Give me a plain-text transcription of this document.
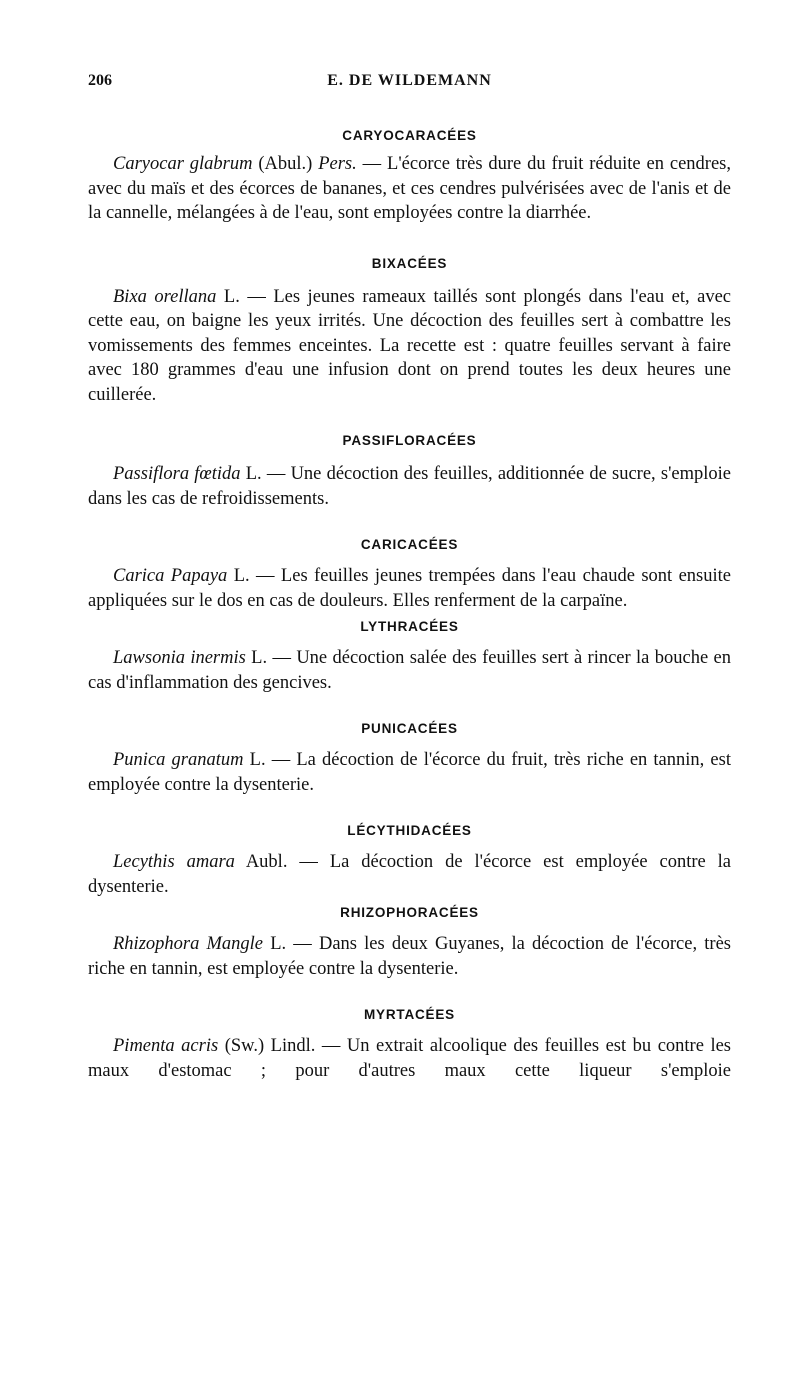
206	E. DE WILDEMANN
CARYOCARACÉES

Caryocar glabrum (Abul.) Pers. — L'écorce très dure du fruit réduite en cendres, avec du maïs et des écorces de bananes, et ces cendres pulvérisées avec de l'anis et de la cannelle, mélangées à de l'eau, sont employées contre la diarrhée.

BIXACÉES

Bixa orellana L. — Les jeunes rameaux taillés sont plongés dans l'eau et, avec cette eau, on baigne les yeux irrités. Une décoction des feuilles sert à combattre les vomissements des femmes enceintes. La recette est : quatre feuilles servant à faire avec 180 grammes d'eau une infusion dont on prend toutes les deux heures une cuillerée.

PASSIFLORACÉES

Passiflora fœtida L. — Une décoction des feuilles, additionnée de sucre, s'emploie dans les cas de refroidissements.

CARICACÉES

Carica Papaya L. — Les feuilles jeunes trempées dans l'eau chaude sont ensuite appliquées sur le dos en cas de douleurs. Elles renferment de la carpaïne.

LYTHRACÉES

Lawsonia inermis L. — Une décoction salée des feuilles sert à rincer la bouche en cas d'inflammation des gencives.

PUNICACÉES

Punica granatum L. — La décoction de l'écorce du fruit, très riche en tannin, est employée contre la dysenterie.

LÉCYTHIDACÉES

Lecythis amara Aubl. — La décoction de l'écorce est employée contre la dysenterie.

RHIZOPHORACÉES

Rhizophora Mangle L. — Dans les deux Guyanes, la décoction de l'écorce, très riche en tannin, est employée contre la dysenterie.

MYRTACÉES

Pimenta acris (Sw.) Lindl. — Un extrait alcoolique des feuilles est bu contre les maux d'estomac ; pour d'autres maux cette liqueur s'emploie
